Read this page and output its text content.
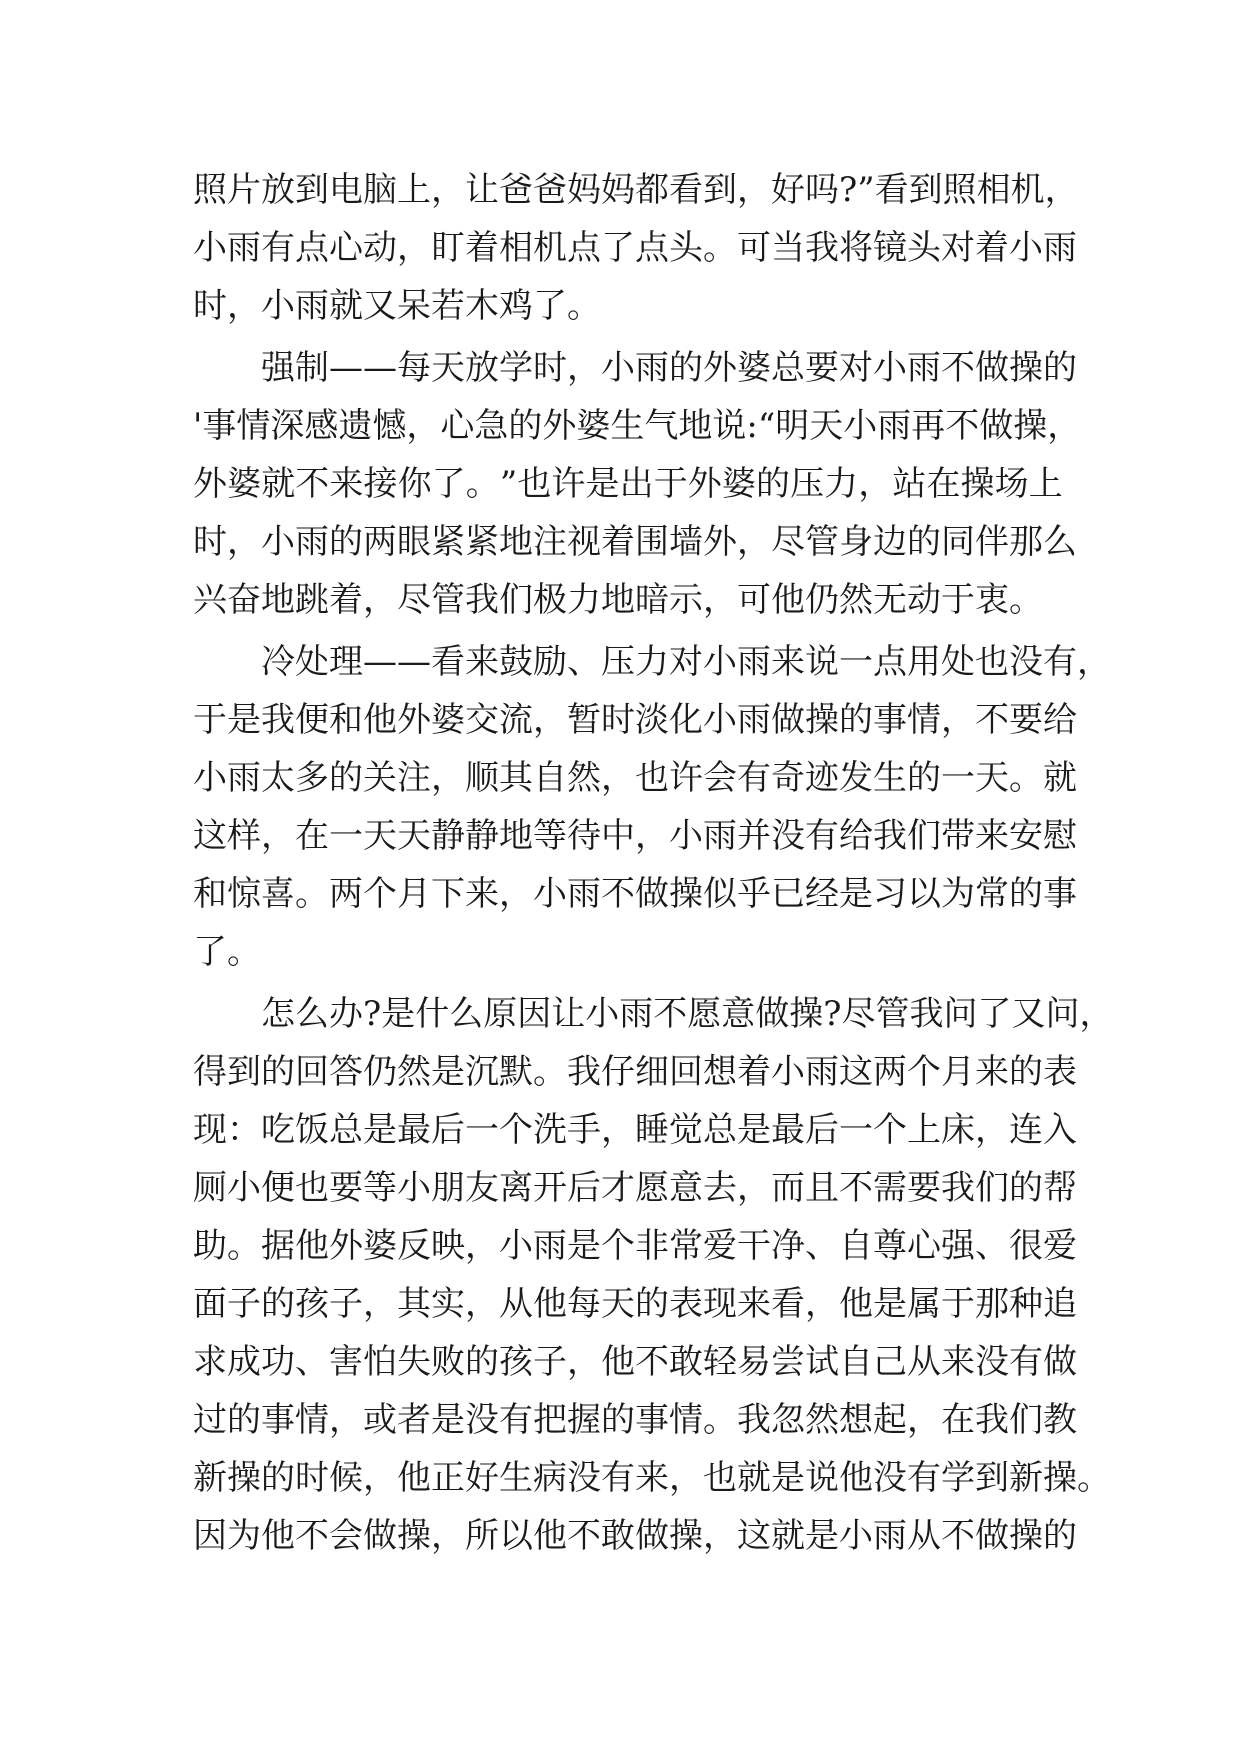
照 片 放 到 电 脑 上 ， 让 爸 爸 妈 妈 都 看 到 ， 好 吗 ? ” 看 到 照 相 机 ，
小 雨 有 点 心 动 ， 盯 着 相 机 点 了 点 头 。 可 当 我 将 镜 头 对 着 小 雨
时，小雨就又呆若木鸡了。
强 制 — — 每 天 放 学 时 ， 小 雨 的 外 婆 总 要 对 小 雨 不 做 操 的
' 事 情 深 感 遗 憾 ， 心 急 的 外 婆 生 气 地 说 : “ 明 天 小 雨 再 不 做 操 ，
外 婆 就 不 来 接 你 了 。 ” 也 许 是 出 于 外 婆 的 压 力 ， 站 在 操 场 上
时 ， 小 雨 的 两 眼 紧 紧 地 注 视 着 围 墙 外 ， 尽 管 身 边 的 同 伴 那 么
兴奋地跳着，尽管我们极力地暗示，可他仍然无动于衷。
冷 处 理 — — 看 来 鼓 励 、 压 力 对 小 雨 来 说 一 点 用 处 也 没 有 ，
于 是 我 便 和 他 外 婆 交 流 ， 暂 时 淡 化 小 雨 做 操 的 事 情 ， 不 要 给
小 雨 太 多 的 关 注 ， 顺 其 自 然 ， 也 许 会 有 奇 迹 发 生 的 一 天 。 就
这 样 ， 在 一 天 天 静 静 地 等 待 中 ， 小 雨 并 没 有 给 我 们 带 来 安 慰
和 惊 喜 。 两 个 月 下 来 ， 小 雨 不 做 操 似 乎 已 经 是 习 以 为 常 的 事
了。
怎 么 办 ? 是 什 么 原 因 让 小 雨 不 愿 意 做 操 ? 尽 管 我 问 了 又 问 ，
得 到 的 回 答 仍 然 是 沉 默 。 我 仔 细 回 想 着 小 雨 这 两 个 月 来 的 表
现 ： 吃 饭 总 是 最 后 一 个 洗 手 ， 睡 觉 总 是 最 后 一 个 上 床 ， 连 入
厕 小 便 也 要 等 小 朋 友 离 开 后 才 愿 意 去 ， 而 且 不 需 要 我 们 的 帮
助 。 据 他 外 婆 反 映 ， 小 雨 是 个 非 常 爱 干 净 、 自 尊 心 强 、 很 爱
面 子 的 孩 子 ， 其 实 ， 从 他 每 天 的 表 现 来 看 ， 他 是 属 于 那 种 追
求 成 功 、 害 怕 失 败 的 孩 子 ， 他 不 敢 轻 易 尝 试 自 己 从 来 没 有 做
过 的 事 情 ， 或 者 是 没 有 把 握 的 事 情 。 我 忽 然 想 起 ， 在 我 们 教
新 操 的 时 候 ， 他 正 好 生 病 没 有 来 ， 也 就 是 说 他 没 有 学 到 新 操 。
因 为 他 不 会 做 操 ， 所 以 他 不 敢 做 操 ， 这 就 是 小 雨 从 不 做 操 的
